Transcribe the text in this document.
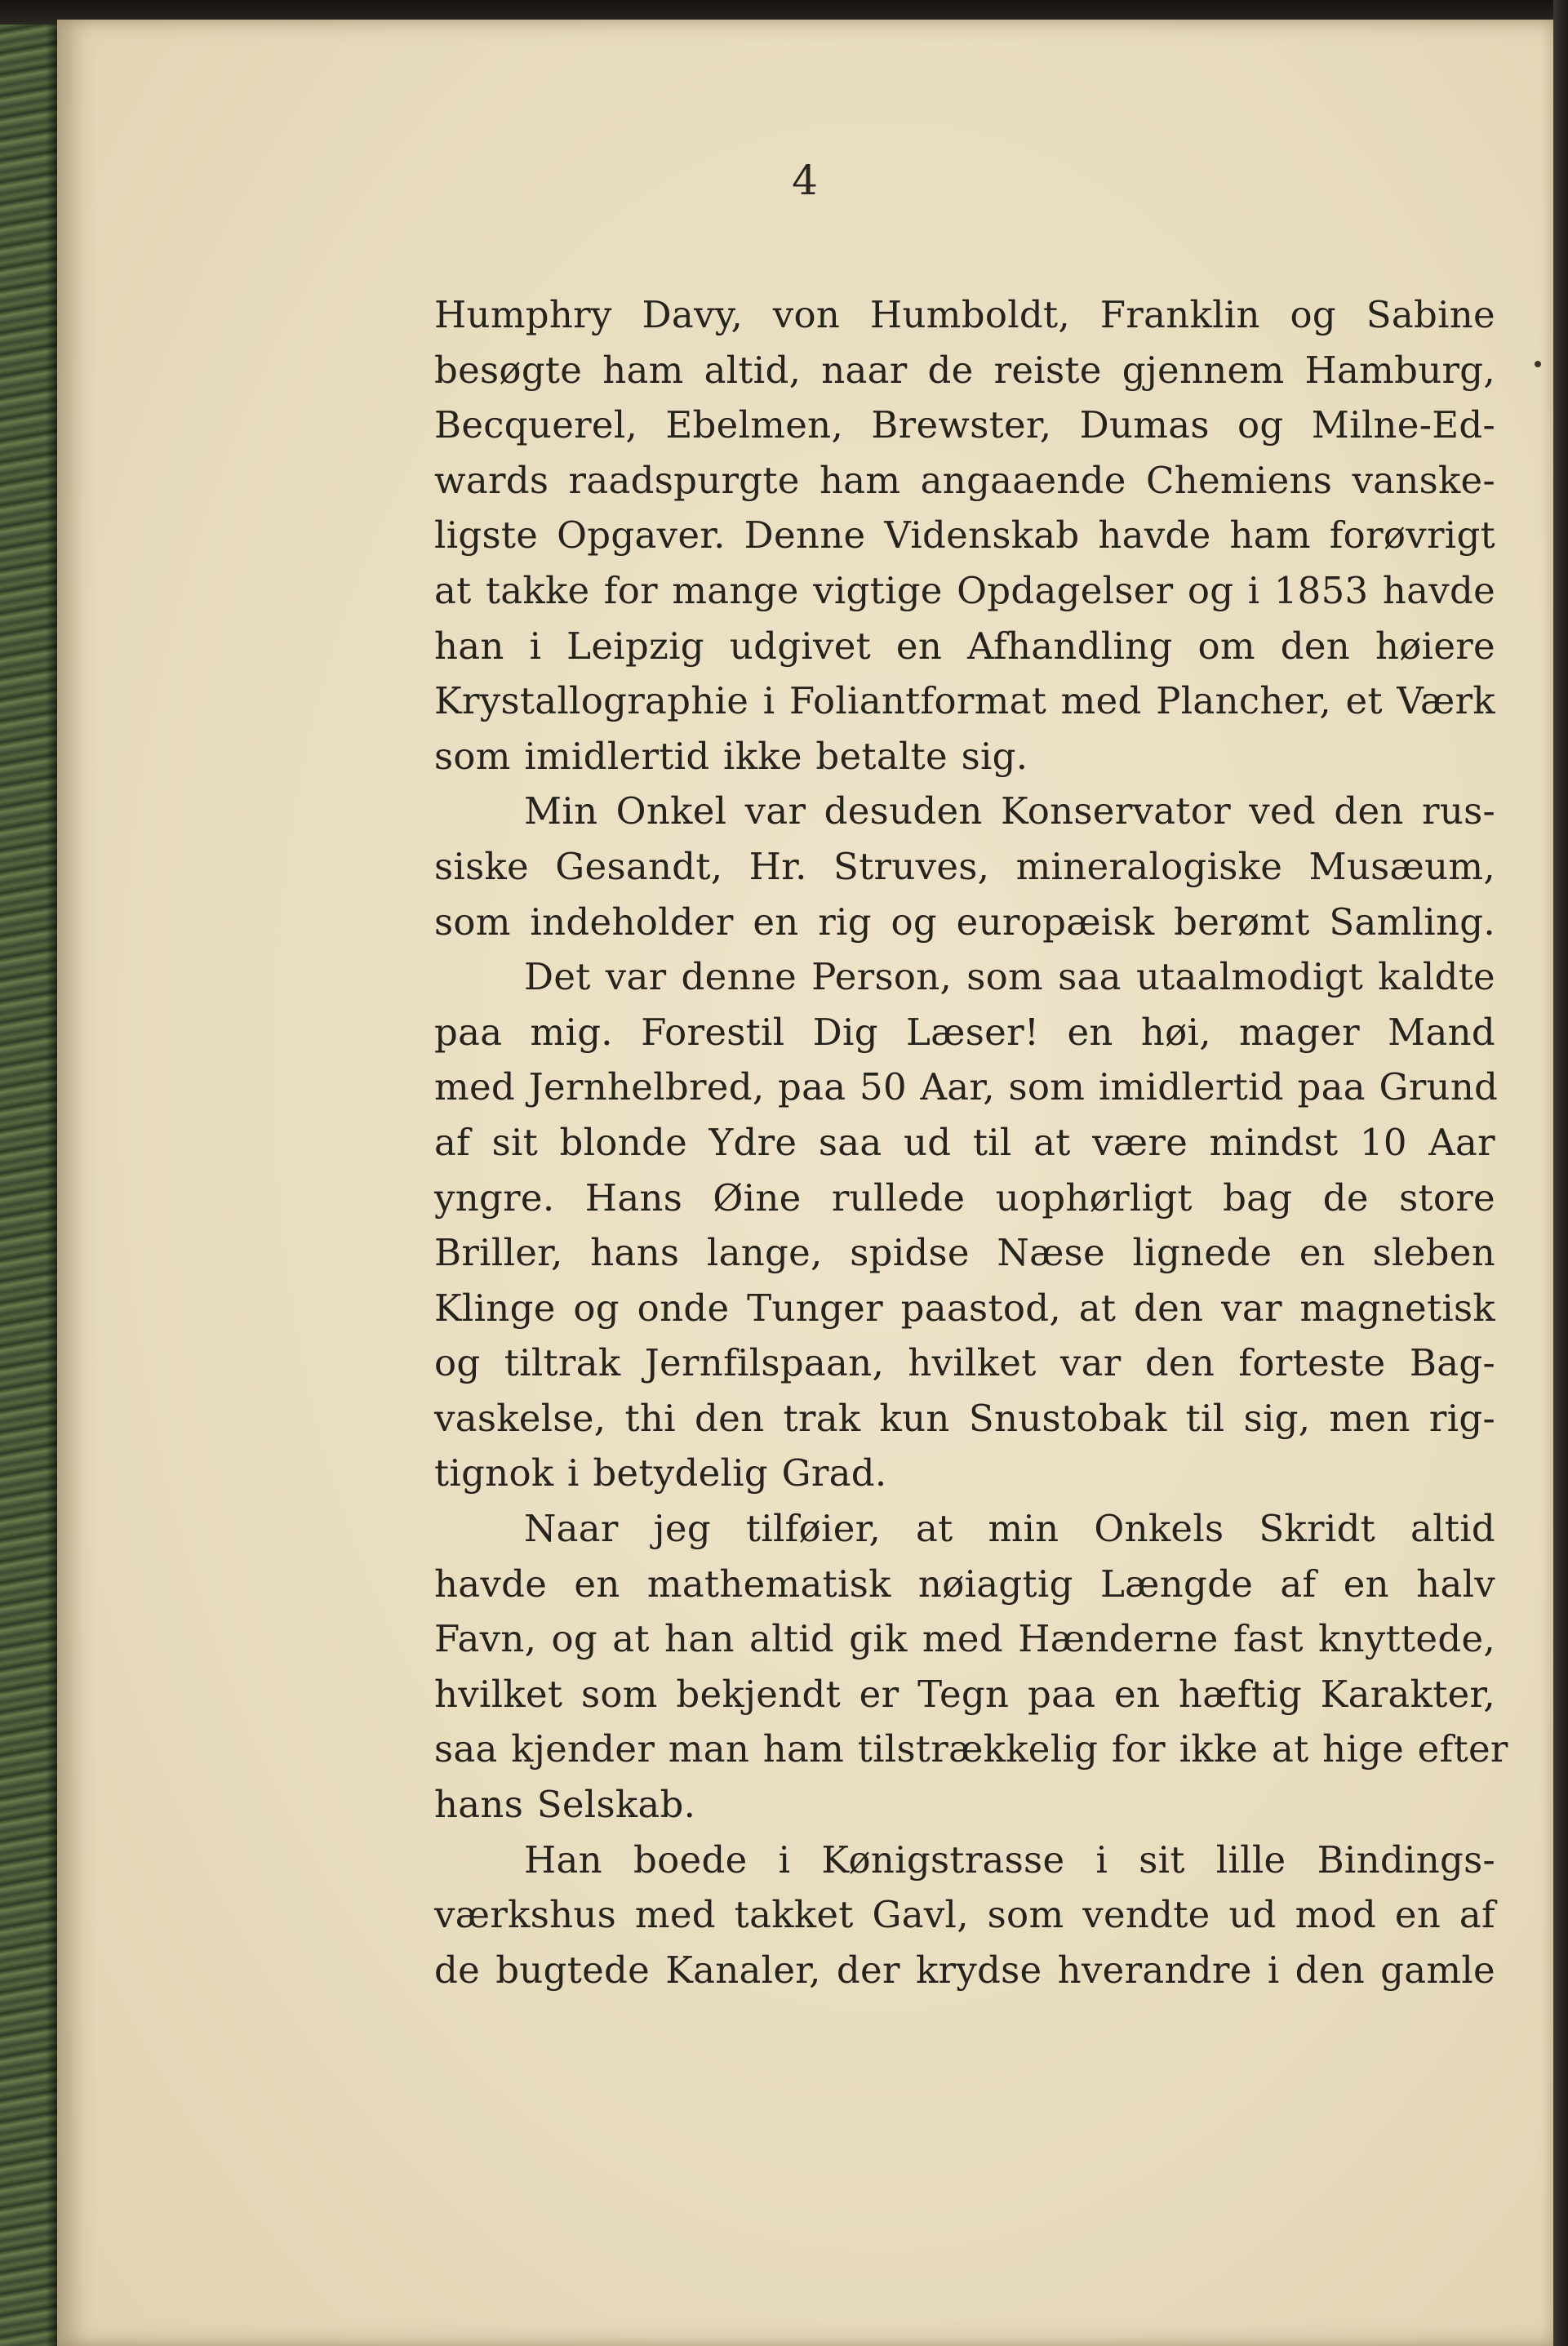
4
Humphry Davy, von Humboldt, Franklin og Sabine
besøgte ham altid, naar de reiste gjennem Hamburg,
Becquerel, Ebelmen, Brewster, Dumas og Milne-Ed-
wards raadspurgte ham angaaende Chemiens vanske-
ligste Opgaver. Denne Videnskab havde ham forøvrigt
at takke for mange vigtige Opdagelser og i 1853 havde
han i Leipzig udgivet en Afhandling om den høiere
Krystallographie i Foliantformat med Plancher, et Værk
som imidlertid ikke betalte sig.
Min Onkel var desuden Konservator ved den rus-
siske Gesandt, Hr. Struves, mineralogiske Musæum,
som indeholder en rig og europæisk berømt Samling.
Det var denne Person, som saa utaalmodigt kaldte
paa mig. Forestil Dig Læser! en høi, mager Mand
med Jernhelbred, paa 50 Aar, som imidlertid paa Grund
af sit blonde Ydre saa ud til at være mindst 10 Aar
yngre. Hans Øine rullede uophørligt bag de store
Briller, hans lange, spidse Næse lignede en sleben
Klinge og onde Tunger paastod, at den var magnetisk
og tiltrak Jernfilspaan, hvilket var den forteste Bag-
vaskelse, thi den trak kun Snustobak til sig, men rig-
tignok i betydelig Grad.
Naar jeg tilføier, at min Onkels Skridt altid
havde en mathematisk nøiagtig Længde af en halv
Favn, og at han altid gik med Hænderne fast knyttede,
hvilket som bekjendt er Tegn paa en hæftig Karakter,
saa kjender man ham tilstrækkelig for ikke at hige efter
hans Selskab.
Han boede i Kønigstrasse i sit lille Bindings-
værkshus med takket Gavl, som vendte ud mod en af
de bugtede Kanaler, der krydse hverandre i den gamle
